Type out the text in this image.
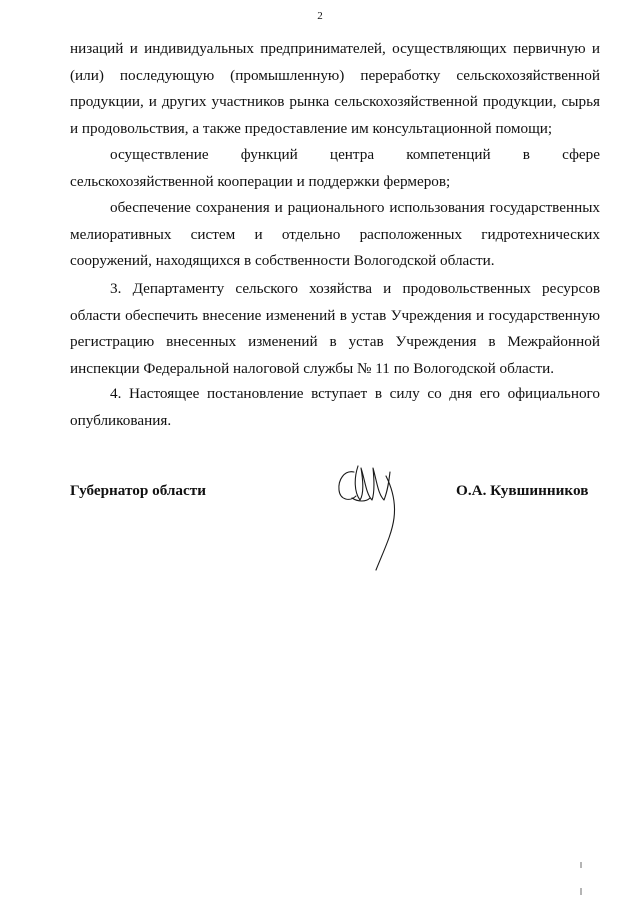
2

низаций и индивидуальных предпринимателей, осуществляющих первичную и (или) последующую (промышленную) переработку сельскохозяйственной продукции, и других участников рынка сельскохозяйственной продукции, сырья и продовольствия, а также предоставление им консультационной помощи;

осуществление функций центра компетенций в сфере сельскохозяйственной кооперации и поддержки фермеров;

обеспечение сохранения и рационального использования государственных мелиоративных систем и отдельно расположенных гидротехнических сооружений, находящихся в собственности Вологодской области.

3. Департаменту сельского хозяйства и продовольственных ресурсов области обеспечить внесение изменений в устав Учреждения и государственную регистрацию внесенных изменений в устав Учреждения в Межрайонной инспекции Федеральной налоговой службы № 11 по Вологодской области.

4. Настоящее постановление вступает в силу со дня его официального опубликования.

Губернатор области	О.А. Кувшинников
